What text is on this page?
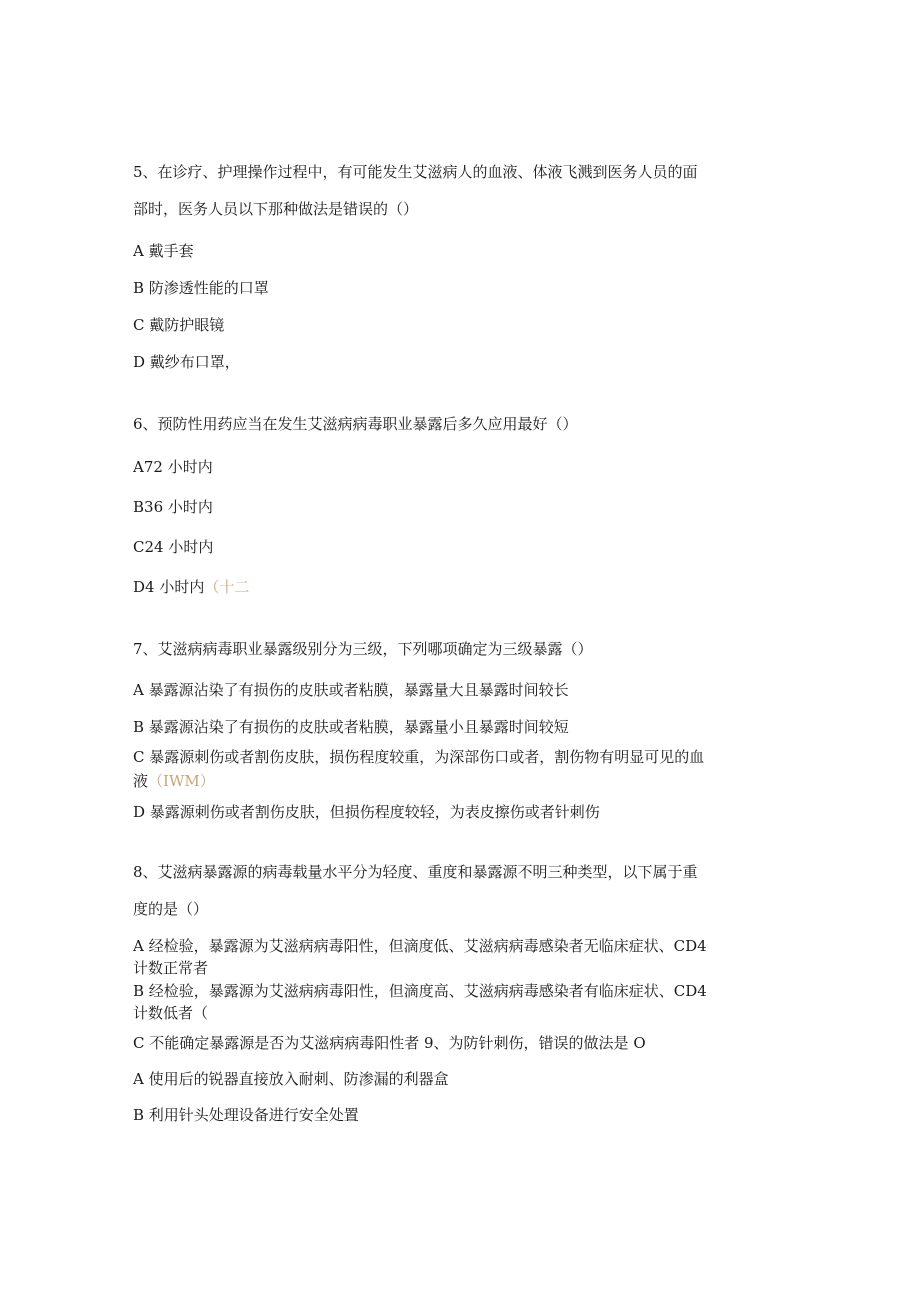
5、在诊疗、护理操作过程中，有可能发生艾滋病人的血液、体液飞溅到医务人员的面
部时，医务人员以下那种做法是错误的（）
A 戴手套
B 防渗透性能的口罩
C 戴防护眼镜
D 戴纱布口罩，
6、预防性用药应当在发生艾滋病病毒职业暴露后多久应用最好（）
A72 小时内
B36 小时内
C24 小时内
D4 小时内（十二
7、艾滋病病毒职业暴露级别分为三级，下列哪项确定为三级暴露（）
A 暴露源沾染了有损伤的皮肤或者粘膜，暴露量大且暴露时间较长
B 暴露源沾染了有损伤的皮肤或者粘膜，暴露量小且暴露时间较短
C 暴露源刺伤或者割伤皮肤，损伤程度较重，为深部伤口或者，割伤物有明显可见的血
液（IWM）
D 暴露源刺伤或者割伤皮肤，但损伤程度较轻，为表皮擦伤或者针刺伤
8、艾滋病暴露源的病毒载量水平分为轻度、重度和暴露源不明三种类型，以下属于重
度的是（）
A 经检验，暴露源为艾滋病病毒阳性，但滴度低、艾滋病病毒感染者无临床症状、CD4
计数正常者
B 经检验，暴露源为艾滋病病毒阳性，但滴度高、艾滋病病毒感染者有临床症状、CD4
计数低者（
C 不能确定暴露源是否为艾滋病病毒阳性者 9、为防针刺伤，错误的做法是 O
A 使用后的锐器直接放入耐刺、防渗漏的利器盒
B 利用针头处理设备进行安全处置
